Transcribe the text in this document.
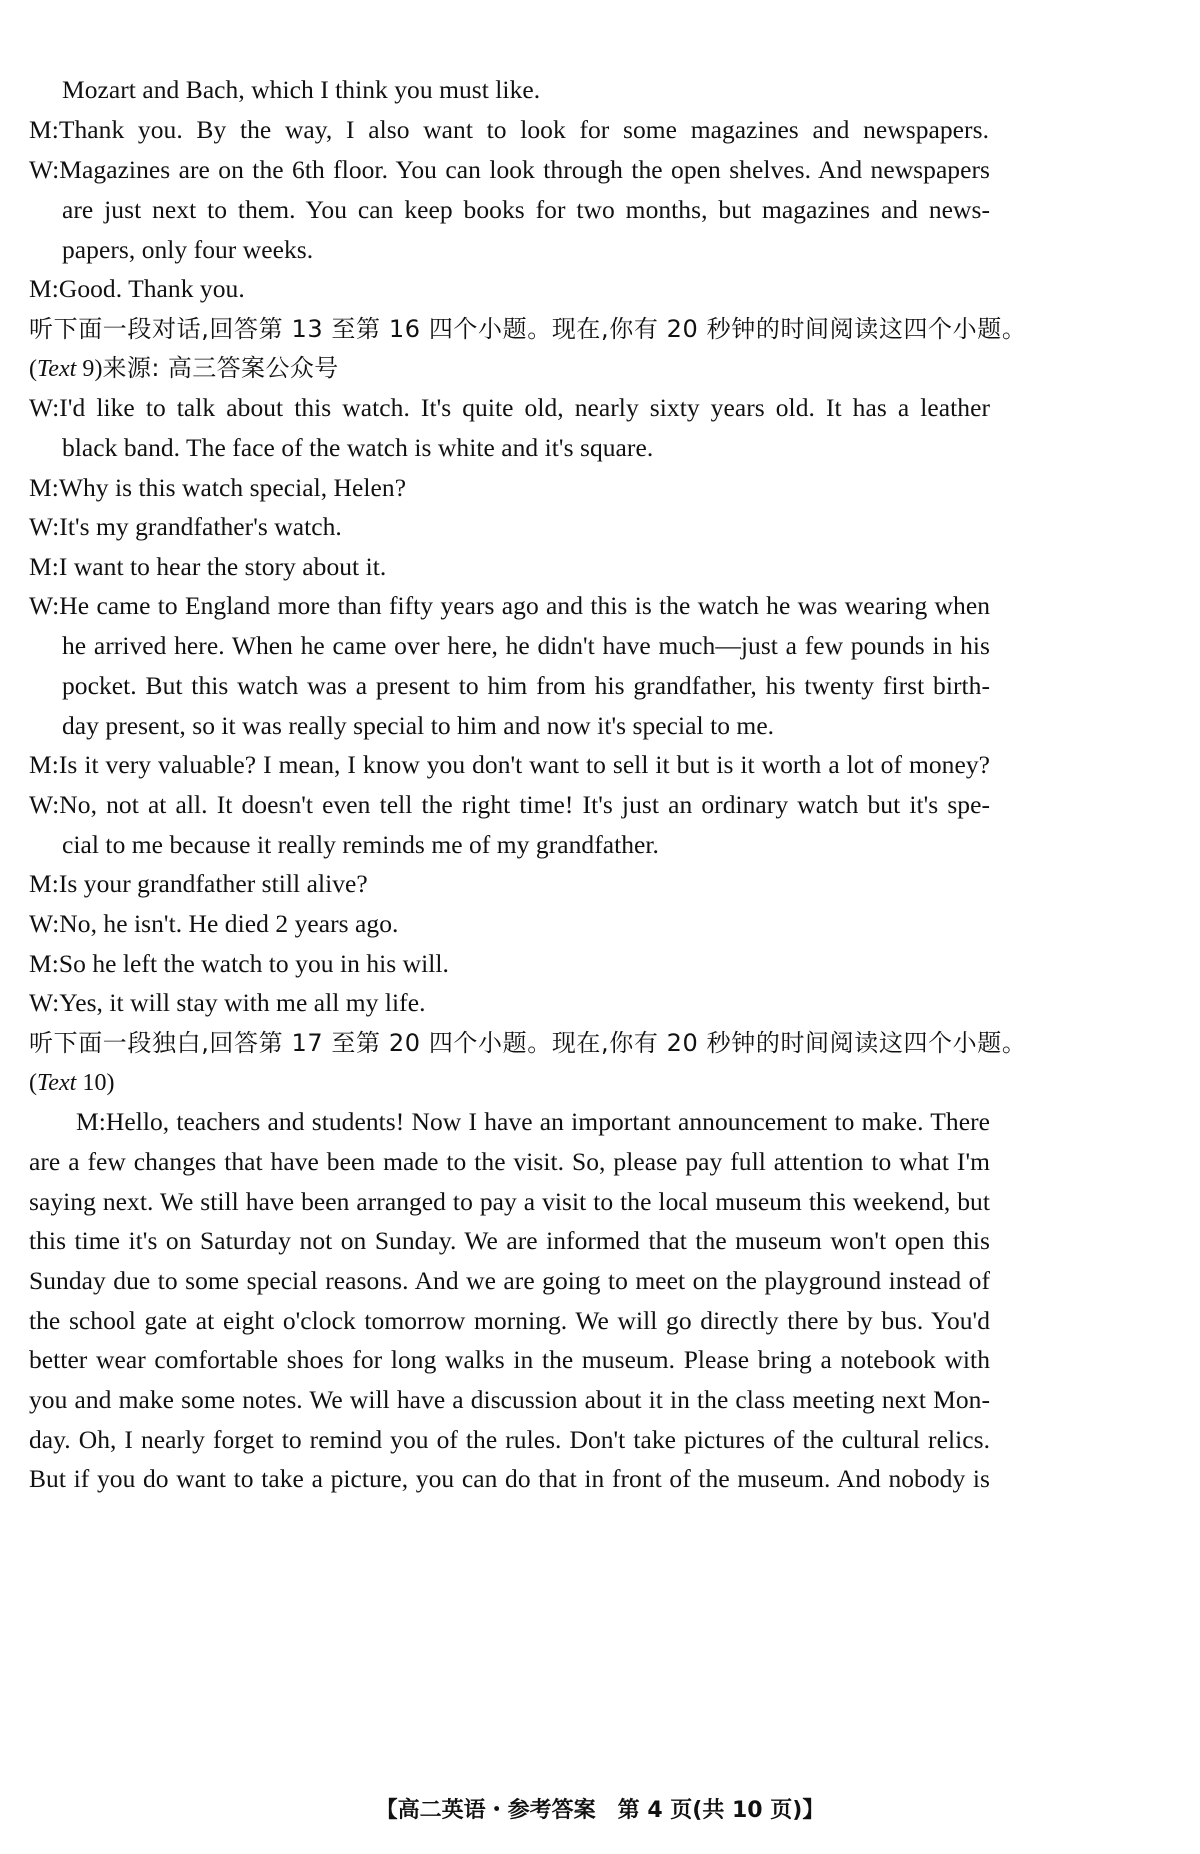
Mozart and Bach, which I think you must like.
M:Thank you. By the way, I also want to look for some magazines and newspapers.
W:Magazines are on the 6th floor. You can look through the open shelves. And newspapers
are just next to them. You can keep books for two months, but magazines and news-
papers, only four weeks.
M:Good. Thank you.
听下面一段对话,回答第 13 至第 16 四个小题。现在,你有 20 秒钟的时间阅读这四个小题。
(Text 9)来源: 高三答案公众号
W:I'd like to talk about this watch. It's quite old, nearly sixty years old. It has a leather
black band. The face of the watch is white and it's square.
M:Why is this watch special, Helen?
W:It's my grandfather's watch.
M:I want to hear the story about it.
W:He came to England more than fifty years ago and this is the watch he was wearing when
he arrived here. When he came over here, he didn't have much—just a few pounds in his
pocket. But this watch was a present to him from his grandfather, his twenty first birth-
day present, so it was really special to him and now it's special to me.
M:Is it very valuable? I mean, I know you don't want to sell it but is it worth a lot of money?
W:No, not at all. It doesn't even tell the right time! It's just an ordinary watch but it's spe-
cial to me because it really reminds me of my grandfather.
M:Is your grandfather still alive?
W:No, he isn't. He died 2 years ago.
M:So he left the watch to you in his will.
W:Yes, it will stay with me all my life.
听下面一段独白,回答第 17 至第 20 四个小题。现在,你有 20 秒钟的时间阅读这四个小题。
(Text 10)
M:Hello, teachers and students! Now I have an important announcement to make. There
are a few changes that have been made to the visit. So, please pay full attention to what I'm
saying next. We still have been arranged to pay a visit to the local museum this weekend, but
this time it's on Saturday not on Sunday. We are informed that the museum won't open this
Sunday due to some special reasons. And we are going to meet on the playground instead of
the school gate at eight o'clock tomorrow morning. We will go directly there by bus. You'd
better wear comfortable shoes for long walks in the museum. Please bring a notebook with
you and make some notes. We will have a discussion about it in the class meeting next Mon-
day. Oh, I nearly forget to remind you of the rules. Don't take pictures of the cultural relics.
But if you do want to take a picture, you can do that in front of the museum. And nobody is
【高二英语・参考答案　第 4 页(共 10 页)】
